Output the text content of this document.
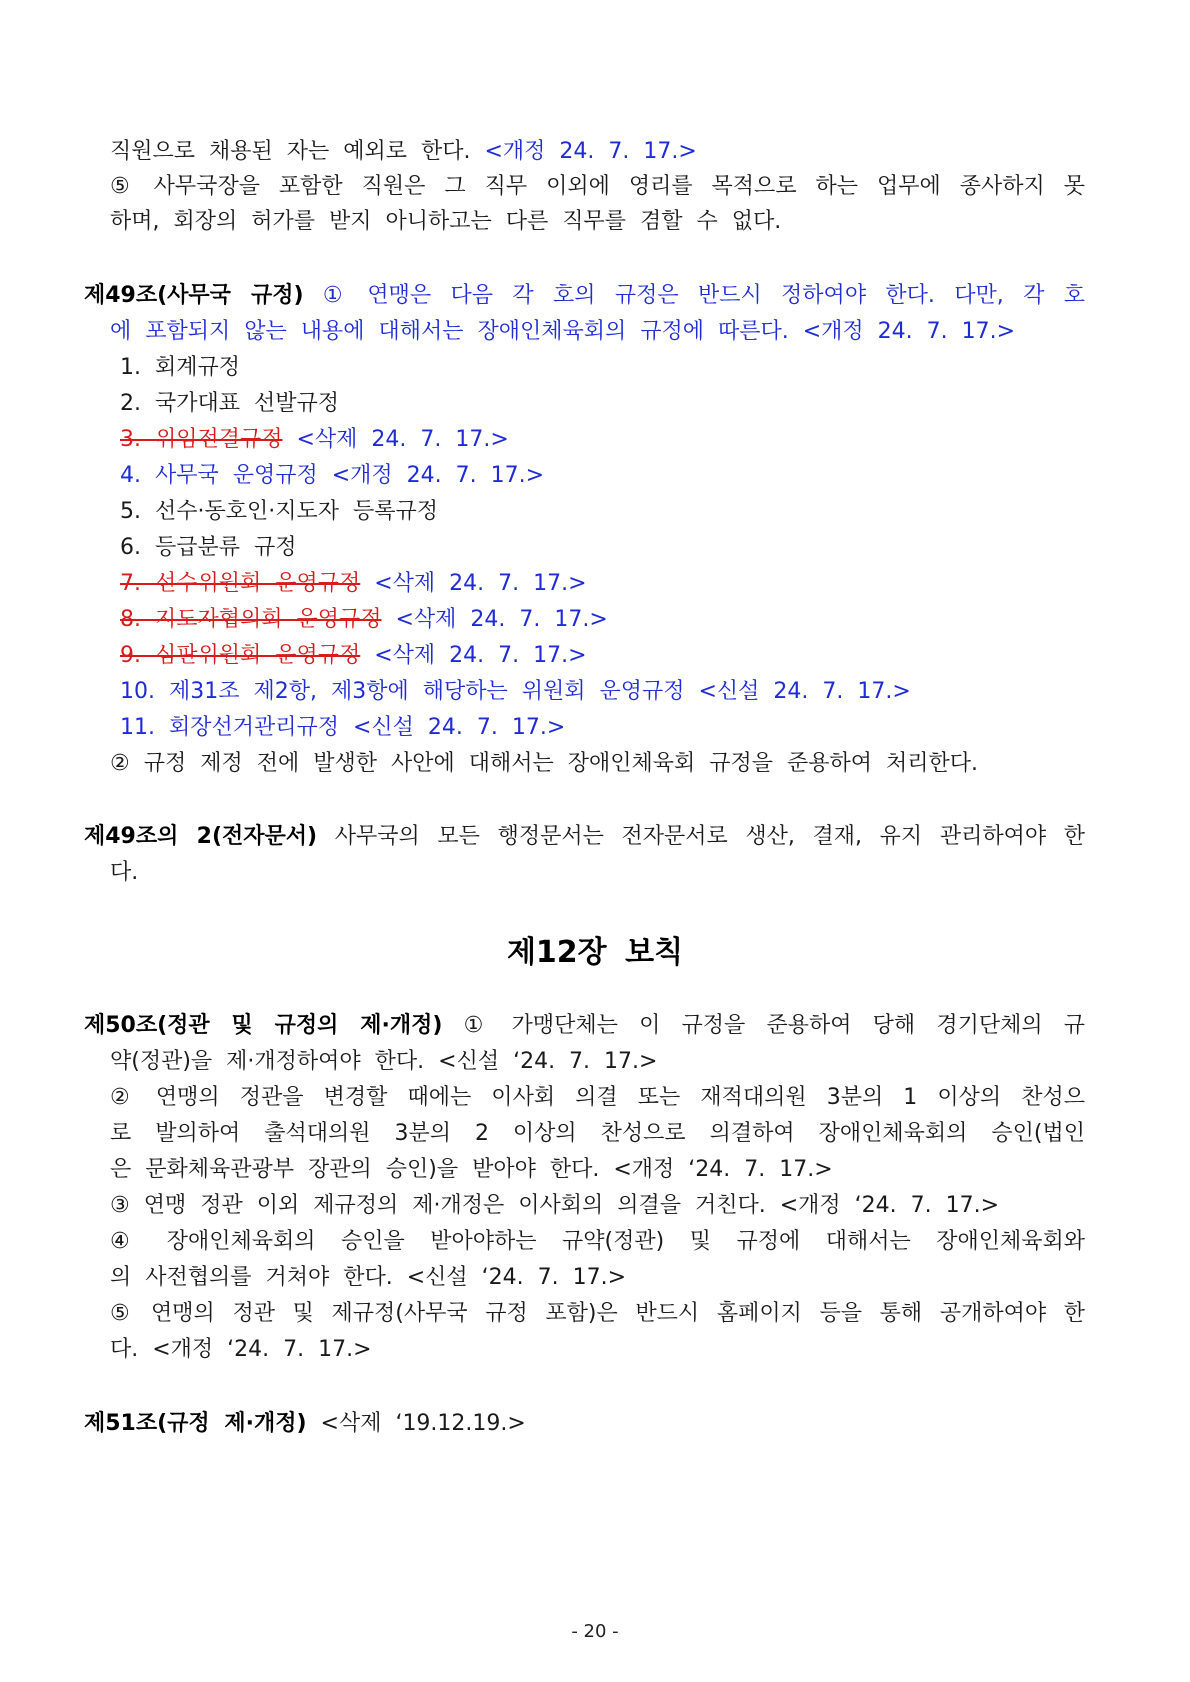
직원으로 채용된 자는 예외로 한다. <개정 24. 7. 17.>

⑤ 사무국장을 포함한 직원은 그 직무 이외에 영리를 목적으로 하는 업무에 종사하지 못

하며, 회장의 허가를 받지 아니하고는 다른 직무를 겸할 수 없다.

제49조(사무국 규정) ① 연맹은 다음 각 호의 규정은 반드시 정하여야 한다. 다만, 각 호

에 포함되지 않는 내용에 대해서는 장애인체육회의 규정에 따른다. <개정 24. 7. 17.>

1. 회계규정

2. 국가대표 선발규정

3. 위임전결규정 <삭제 24. 7. 17.>

4. 사무국 운영규정 <개정 24. 7. 17.>

5. 선수·동호인·지도자 등록규정

6. 등급분류 규정

7. 선수위원회 운영규정 <삭제 24. 7. 17.>

8. 지도자협의회 운영규정 <삭제 24. 7. 17.>

9. 심판위원회 운영규정 <삭제 24. 7. 17.>

10. 제31조 제2항, 제3항에 해당하는 위원회 운영규정 <신설 24. 7. 17.>

11. 회장선거관리규정 <신설 24. 7. 17.>

② 규정 제정 전에 발생한 사안에 대해서는 장애인체육회 규정을 준용하여 처리한다.

제49조의 2(전자문서) 사무국의 모든 행정문서는 전자문서로 생산, 결재, 유지 관리하여야 한

다.

제12장 보칙

제50조(정관 및 규정의 제·개정) ① 가맹단체는 이 규정을 준용하여 당해 경기단체의 규

약(정관)을 제·개정하여야 한다. <신설 ‘24. 7. 17.>

② 연맹의 정관을 변경할 때에는 이사회 의결 또는 재적대의원 3분의 1 이상의 찬성으

로 발의하여 출석대의원 3분의 2 이상의 찬성으로 의결하여 장애인체육회의 승인(법인

은 문화체육관광부 장관의 승인)을 받아야 한다. <개정 ‘24. 7. 17.>

③ 연맹 정관 이외 제규정의 제·개정은 이사회의 의결을 거친다. <개정 ‘24. 7. 17.>

④ 장애인체육회의 승인을 받아야하는 규약(정관) 및 규정에 대해서는 장애인체육회와

의 사전협의를 거쳐야 한다. <신설 ‘24. 7. 17.>

⑤ 연맹의 정관 및 제규정(사무국 규정 포함)은 반드시 홈페이지 등을 통해 공개하여야 한

다. <개정 ‘24. 7. 17.>

제51조(규정 제·개정) <삭제 ‘19.12.19.>

- 20 -
